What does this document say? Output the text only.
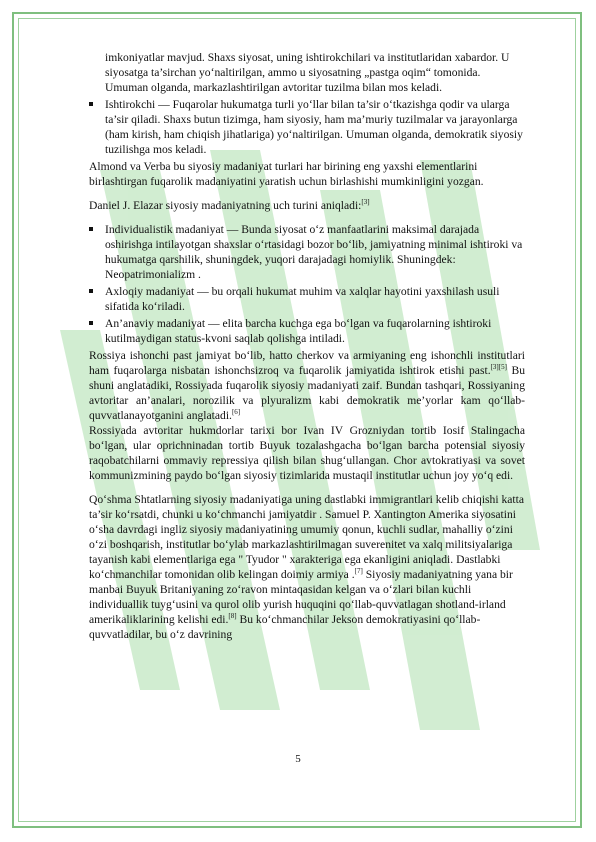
imkoniyatlar mavjud. Shaxs siyosat, uning ishtirokchilari va institutlaridan xabardor. U siyosatga ta’sirchan yo‘naltirilgan, ammo u siyosatning „pastga oqim“ tomonida. Umuman olganda, markazlashtirilgan avtoritar tuzilma bilan mos keladi.
Ishtirokchi — Fuqarolar hukumatga turli yo‘llar bilan ta’sir o‘tkazishga qodir va ularga ta’sir qiladi. Shaxs butun tizimga, ham siyosiy, ham ma’muriy tuzilmalar va jarayonlarga (ham kirish, ham chiqish jihatlariga) yo‘naltirilgan. Umuman olganda, demokratik siyosiy tuzilishga mos keladi.
Almond va Verba bu siyosiy madaniyat turlari har birining eng yaxshi elementlarini birlashtirgan fuqarolik madaniyatini yaratish uchun birlashishi mumkinligini yozgan.
Daniel J. Elazar siyosiy madaniyatning uch turini aniqladi:[3]
Individualistik madaniyat — Bunda siyosat o‘z manfaatlarini maksimal darajada oshirishga intilayotgan shaxslar o‘rtasidagi bozor bo‘lib, jamiyatning minimal ishtiroki va hukumatga qarshilik, shuningdek, yuqori darajadagi homiylik. Shuningdek: Neopatrimonializm .
Axloqiy madaniyat — bu orqali hukumat muhim va xalqlar hayotini yaxshilash usuli sifatida ko‘riladi.
An’anaviy madaniyat — elita barcha kuchga ega bo‘lgan va fuqarolarning ishtiroki kutilmaydigan status-kvoni saqlab qolishga intiladi.
Rossiya ishonchi past jamiyat bo‘lib, hatto cherkov va armiyaning eng ishonchli institutlari ham fuqarolarga nisbatan ishonchsizroq va fuqarolik jamiyatida ishtirok etishi past.[3][5] Bu shuni anglatadiki, Rossiyada fuqarolik siyosiy madaniyati zaif. Bundan tashqari, Rossiyaning avtoritar an’analari, norozilik va plyuralizm kabi demokratik me’yorlar kam qo‘llab-quvvatlanayotganini anglatadi.[6]
Rossiyada avtoritar hukmdorlar tarixi bor Ivan IV Grozniydan tortib Iosif Stalingacha bo‘lgan, ular oprichninadan tortib Buyuk tozalashgacha bo‘lgan barcha potensial siyosiy raqobatchilarni ommaviy repressiya qilish bilan shug‘ullangan. Chor avtokratiyasi va sovet kommunizmining paydo bo‘lgan siyosiy tizimlarida mustaqil institutlar uchun joy yo‘q edi.
Qo‘shma Shtatlarning siyosiy madaniyatiga uning dastlabki immigrantlari kelib chiqishi katta ta’sir ko‘rsatdi, chunki u ko‘chmanchi jamiyatdir . Samuel P. Xantington Amerika siyosatini o‘sha davrdagi ingliz siyosiy madaniyatining umumiy qonun, kuchli sudlar, mahalliy o‘zini o‘zi boshqarish, institutlar bo‘ylab markazlashtirilmagan suverenitet va xalq militsiyalariga tayanish kabi elementlariga ega " Tyudor " xarakteriga ega ekanligini aniqladi. Dastlabki ko‘chmanchilar tomonidan olib kelingan doimiy armiya .[7] Siyosiy madaniyatning yana bir manbai Buyuk Britaniyaning zo‘ravon mintaqasidan kelgan va o‘zlari bilan kuchli individuallik tuyg‘usini va qurol olib yurish huquqini qo‘llab-quvvatlagan shotland-irland amerikaliklarining kelishi edi.[8] Bu ko‘chmanchilar Jekson demokratiyasini qo‘llab-quvvatladilar, bu o‘z davrining
5
